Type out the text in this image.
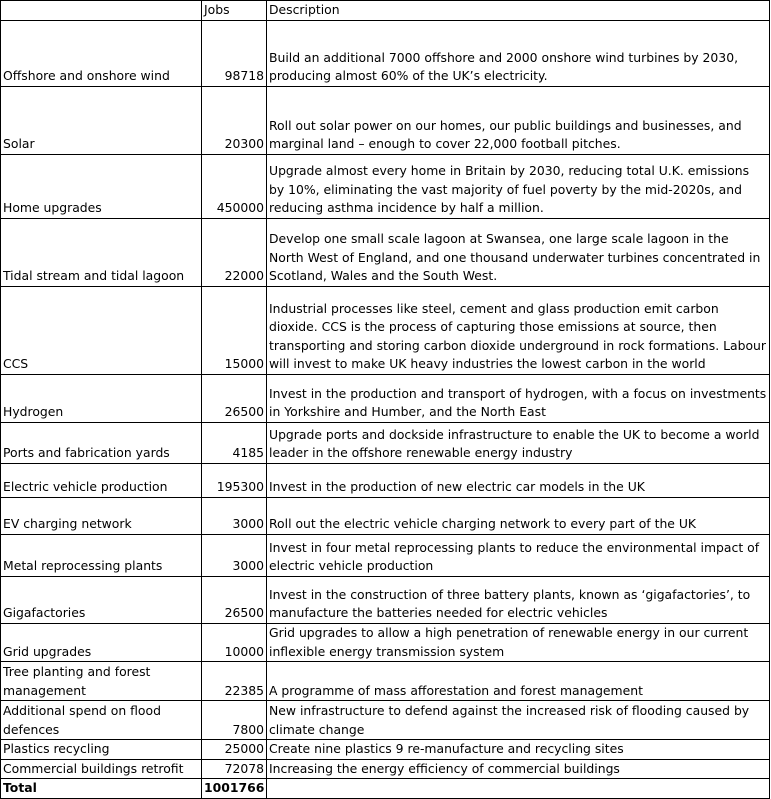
	Jobs	Description
Offshore and onshore wind	98718	Build an additional 7000 offshore and 2000 onshore wind turbines by 2030, producing almost 60% of the UK’s electricity.
Solar	20300	Roll out solar power on our homes, our public buildings and businesses, and marginal land – enough to cover 22,000 football pitches.
Home upgrades	450000	Upgrade almost every home in Britain by 2030, reducing total U.K. emissions by 10%, eliminating the vast majority of fuel poverty by the mid-2020s, and reducing asthma incidence by half a million.
Tidal stream and tidal lagoon	22000	Develop one small scale lagoon at Swansea, one large scale lagoon in the North West of England, and one thousand underwater turbines concentrated in Scotland, Wales and the South West.
CCS	15000	Industrial processes like steel, cement and glass production emit carbon dioxide. CCS is the process of capturing those emissions at source, then transporting and storing carbon dioxide underground in rock formations. Labour will invest to make UK heavy industries the lowest carbon in the world
Hydrogen	26500	Invest in the production and transport of hydrogen, with a focus on investments in Yorkshire and Humber, and the North East
Ports and fabrication yards	4185	Upgrade ports and dockside infrastructure to enable the UK to become a world leader in the offshore renewable energy industry
Electric vehicle production	195300	Invest in the production of new electric car models in the UK
EV charging network	3000	Roll out the electric vehicle charging network to every part of the UK
Metal reprocessing plants	3000	Invest in four metal reprocessing plants to reduce the environmental impact of electric vehicle production
Gigafactories	26500	Invest in the construction of three battery plants, known as ‘gigafactories’, to manufacture the batteries needed for electric vehicles
Grid upgrades	10000	Grid upgrades to allow a high penetration of renewable energy in our current inflexible energy transmission system
Tree planting and forest management	22385	A programme of mass afforestation and forest management
Additional spend on flood defences	7800	New infrastructure to defend against the increased risk of flooding caused by climate change
Plastics recycling	25000	Create nine plastics 9 re-manufacture and recycling sites
Commercial buildings retrofit	72078	Increasing the energy efficiency of commercial buildings
Total	1001766	
